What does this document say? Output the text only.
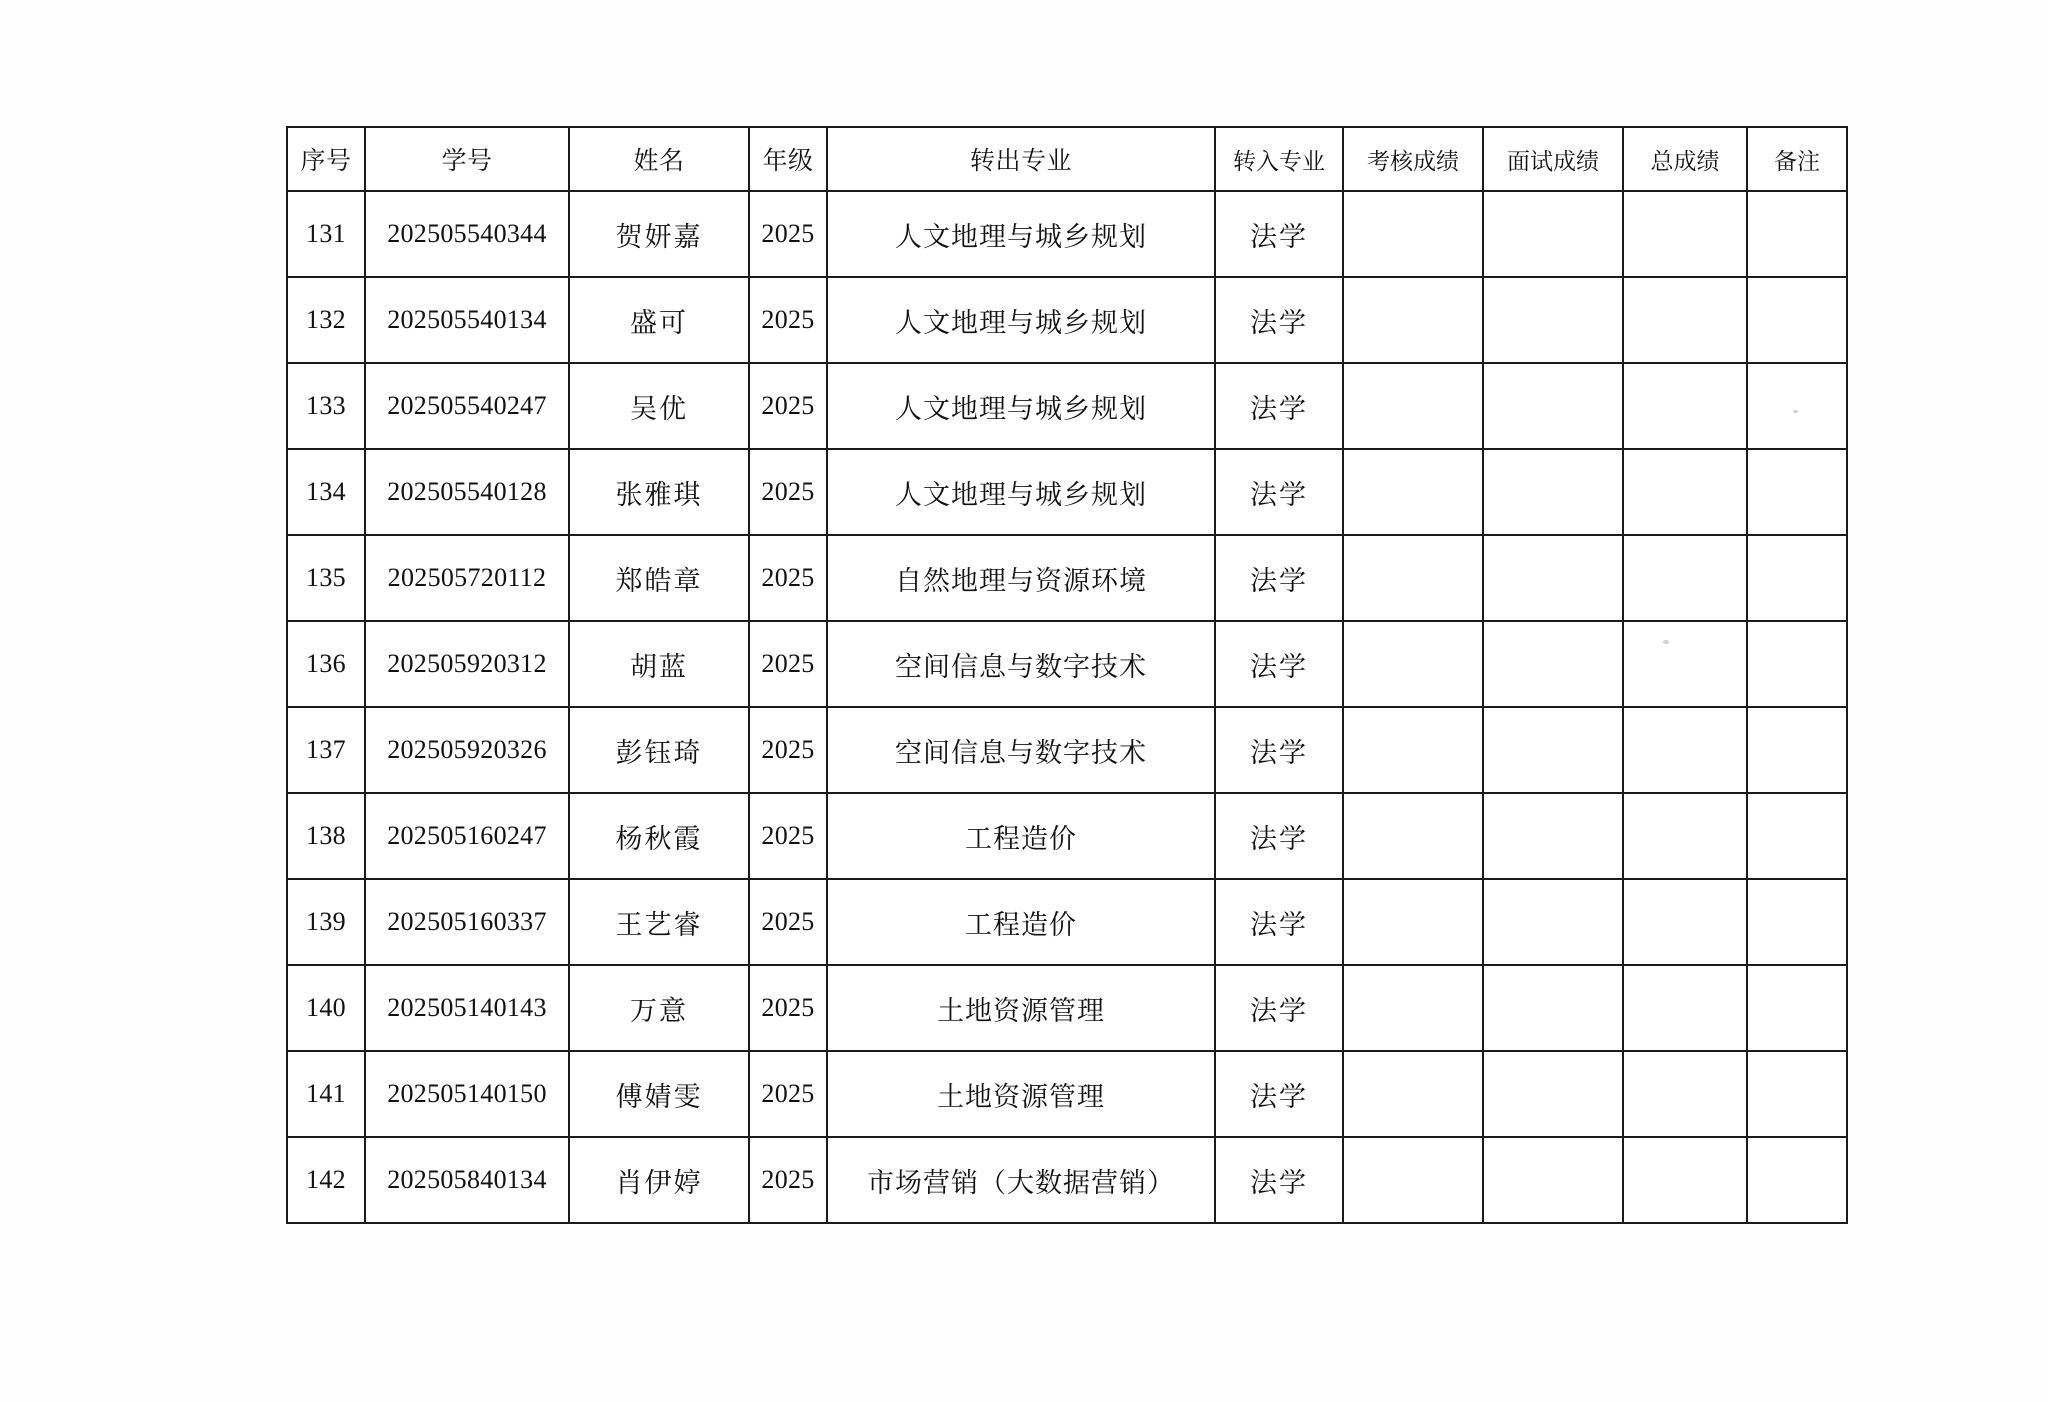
序号	学号	姓名	年级	转出专业	转入专业	考核成绩	面试成绩	总成绩	备注
131	202505540344	贺妍嘉	2025	人文地理与城乡规划	法学				
132	202505540134	盛可	2025	人文地理与城乡规划	法学				
133	202505540247	吴优	2025	人文地理与城乡规划	法学				
134	202505540128	张雅琪	2025	人文地理与城乡规划	法学				
135	202505720112	郑皓章	2025	自然地理与资源环境	法学				
136	202505920312	胡蓝	2025	空间信息与数字技术	法学				
137	202505920326	彭钰琦	2025	空间信息与数字技术	法学				
138	202505160247	杨秋霞	2025	工程造价	法学				
139	202505160337	王艺睿	2025	工程造价	法学				
140	202505140143	万意	2025	土地资源管理	法学				
141	202505140150	傅婧雯	2025	土地资源管理	法学				
142	202505840134	肖伊婷	2025	市场营销（大数据营销）	法学				
